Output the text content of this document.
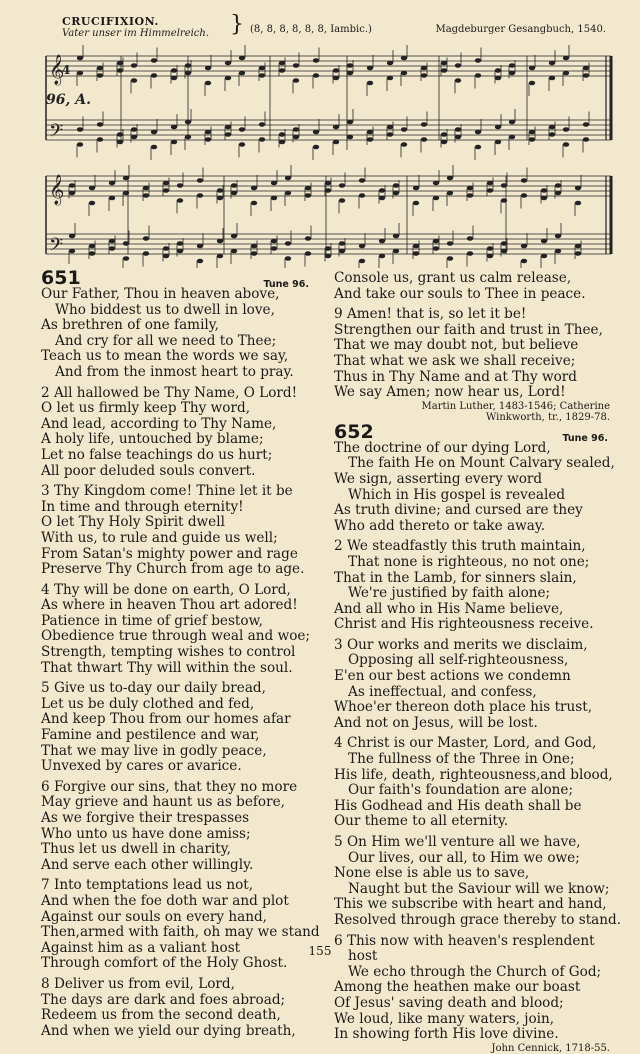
CRUCIFIXION.
Vater unser im Himmelreich. } (8, 8, 8, 8, 8, 8, Iambic.)	Magdeburger Gesangbuch, 1540.
𝄞
𝄢
𝄞
𝄢
4
96, A.
651	Tune 96.

Our Father, Thou in heaven above,

Who biddest us to dwell in love,

As brethren of one family,

And cry for all we need to Thee;

Teach us to mean the words we say,

And from the inmost heart to pray.

2 All hallowed be Thy Name, O Lord!

O let us firmly keep Thy word,

And lead, according to Thy Name,

A holy life, untouched by blame;

Let no false teachings do us hurt;

All poor deluded souls convert.

3 Thy Kingdom come! Thine let it be

In time and through eternity!

O let Thy Holy Spirit dwell

With us, to rule and guide us well;

From Satan's mighty power and rage

Preserve Thy Church from age to age.

4 Thy will be done on earth, O Lord,

As where in heaven Thou art adored!

Patience in time of grief bestow,

Obedience true through weal and woe;

Strength, tempting wishes to control

That thwart Thy will within the soul.

5 Give us to-day our daily bread,

Let us be duly clothed and fed,

And keep Thou from our homes afar

Famine and pestilence and war,

That we may live in godly peace,

Unvexed by cares or avarice.

6 Forgive our sins, that they no more

May grieve and haunt us as before,

As we forgive their trespasses

Who unto us have done amiss;

Thus let us dwell in charity,

And serve each other willingly.

7 Into temptations lead us not,

And when the foe doth war and plot

Against our souls on every hand,

Then,armed with faith, oh may we stand

Against him as a valiant host

Through comfort of the Holy Ghost.

8 Deliver us from evil, Lord,

The days are dark and foes abroad;

Redeem us from the second death,

And when we yield our dying breath,

Console us, grant us calm release,

And take our souls to Thee in peace.

9 Amen! that is, so let it be!

Strengthen our faith and trust in Thee,

That we may doubt not, but believe

That what we ask we shall receive;

Thus in Thy Name and at Thy word

We say Amen; now hear us, Lord!

Martin Luther, 1483-1546; Catherine

Winkworth, tr., 1829-78.

652	Tune 96.

The doctrine of our dying Lord,

The faith He on Mount Calvary sealed,

We sign, asserting every word

Which in His gospel is revealed

As truth divine; and cursed are they

Who add thereto or take away.

2 We steadfastly this truth maintain,

That none is righteous, no not one;

That in the Lamb, for sinners slain,

We're justified by faith alone;

And all who in His Name believe,

Christ and His righteousness receive.

3 Our works and merits we disclaim,

Opposing all self-righteousness,

E'en our best actions we condemn

As ineffectual, and confess,

Whoe'er thereon doth place his trust,

And not on Jesus, will be lost.

4 Christ is our Master, Lord, and God,

The fullness of the Three in One;

His life, death, righteousness,and blood,

Our faith's foundation are alone;

His Godhead and His death shall be

Our theme to all eternity.

5 On Him we'll venture all we have,

Our lives, our all, to Him we owe;

None else is able us to save,

Naught but the Saviour will we know;

This we subscribe with heart and hand,

Resolved through grace thereby to stand.

6 This now with heaven's resplendent

host

We echo through the Church of God;

Among the heathen make our boast

Of Jesus' saving death and blood;

We loud, like many waters, join,

In showing forth His love divine.

John Cennick, 1718-55.

155
